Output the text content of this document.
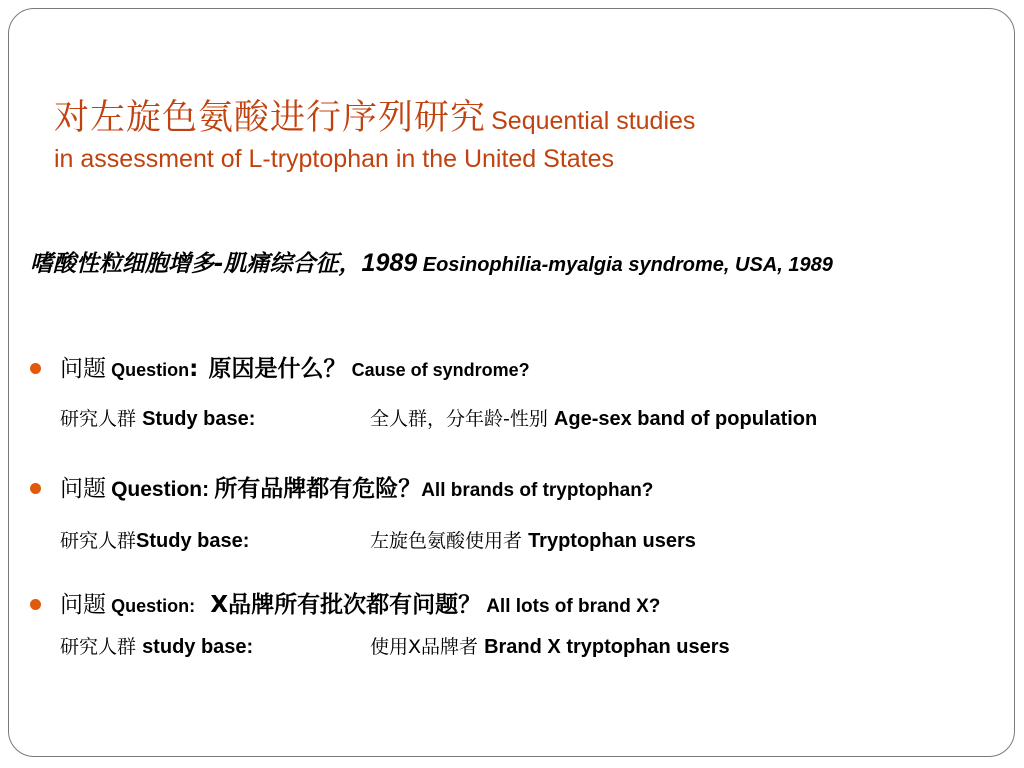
对左旋色氨酸进行序列研究 Sequential studies
in assessment of L-tryptophan in the United States
嗜酸性粒细胞增多-肌痛综合征，1989 Eosinophilia-myalgia syndrome, USA, 1989
问题 Question: 原因是什么？ Cause of syndrome?
研究人群 Study base:	全人群，分年龄-性别 Age-sex band of population
问题 Question: 所有品牌都有危险？All brands of tryptophan?
研究人群Study base:	左旋色氨酸使用者 Tryptophan users
问题 Question: X品牌所有批次都有问题？ All lots of brand X?
研究人群 study base:	使用X品牌者 Brand X tryptophan users
